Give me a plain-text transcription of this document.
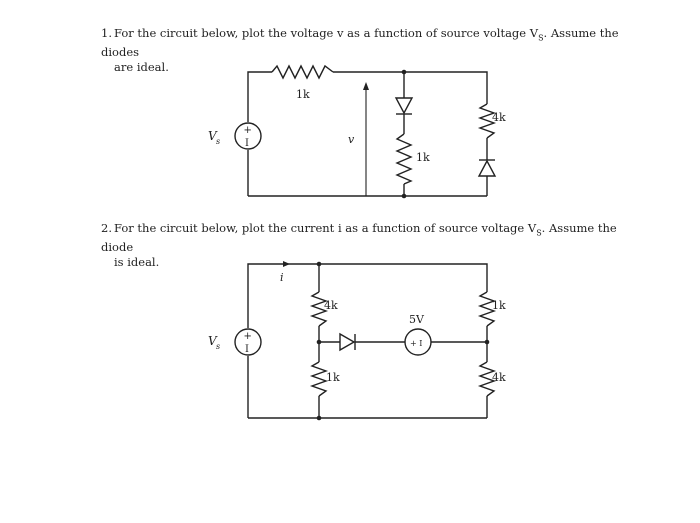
1. For the circuit below, plot the voltage v as a function of source voltage $V_S$. Assume the diodes
are ideal.
2. For the circuit below, plot the current i as a function of source voltage $V_S$. Assume the diode
is ideal.
+
I
V s
1k
v
1k
4k
i
+
I
V s
4k
1k
+ I
5V
1k
4k
